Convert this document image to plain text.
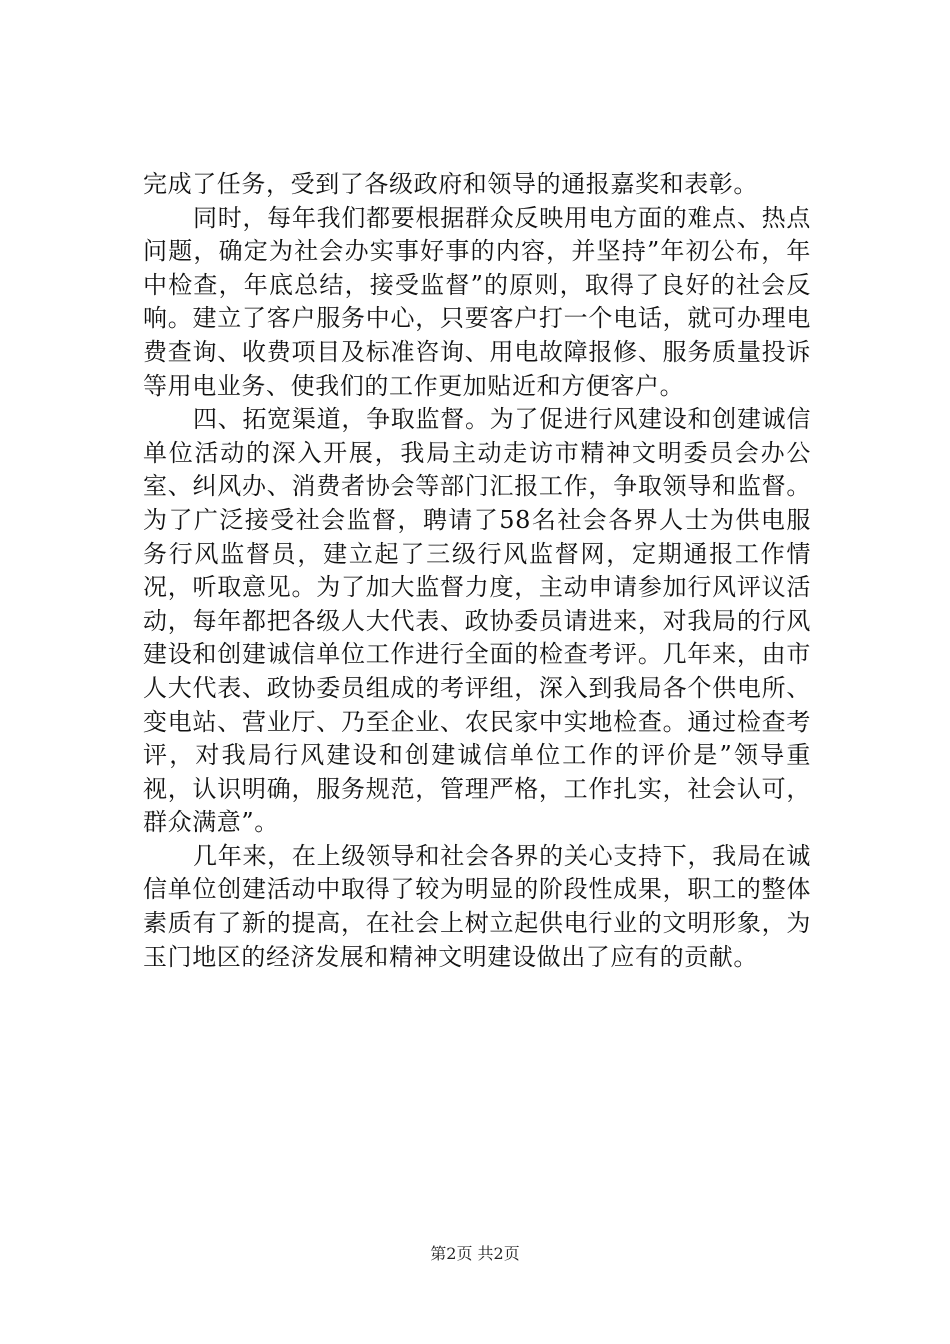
完成了任务，受到了各级政府和领导的通报嘉奖和表彰。

同时，每年我们都要根据群众反映用电方面的难点、热点问题，确定为社会办实事好事的内容，并坚持”年初公布，年中检查，年底总结，接受监督”的原则，取得了良好的社会反响。建立了客户服务中心，只要客户打一个电话，就可办理电费查询、收费项目及标准咨询、用电故障报修、服务质量投诉等用电业务、使我们的工作更加贴近和方便客户。

四、拓宽渠道，争取监督。为了促进行风建设和创建诚信单位活动的深入开展，我局主动走访市精神文明委员会办公室、纠风办、消费者协会等部门汇报工作，争取领导和监督。为了广泛接受社会监督，聘请了58名社会各界人士为供电服务行风监督员，建立起了三级行风监督网，定期通报工作情况，听取意见。为了加大监督力度，主动申请参加行风评议活动，每年都把各级人大代表、政协委员请进来，对我局的行风建设和创建诚信单位工作进行全面的检查考评。几年来，由市人大代表、政协委员组成的考评组，深入到我局各个供电所、变电站、营业厅、乃至企业、农民家中实地检查。通过检查考评，对我局行风建设和创建诚信单位工作的评价是”领导重视，认识明确，服务规范，管理严格，工作扎实，社会认可，群众满意”。

几年来，在上级领导和社会各界的关心支持下，我局在诚信单位创建活动中取得了较为明显的阶段性成果，职工的整体素质有了新的提高，在社会上树立起供电行业的文明形象，为玉门地区的经济发展和精神文明建设做出了应有的贡献。

第2页 共2页
